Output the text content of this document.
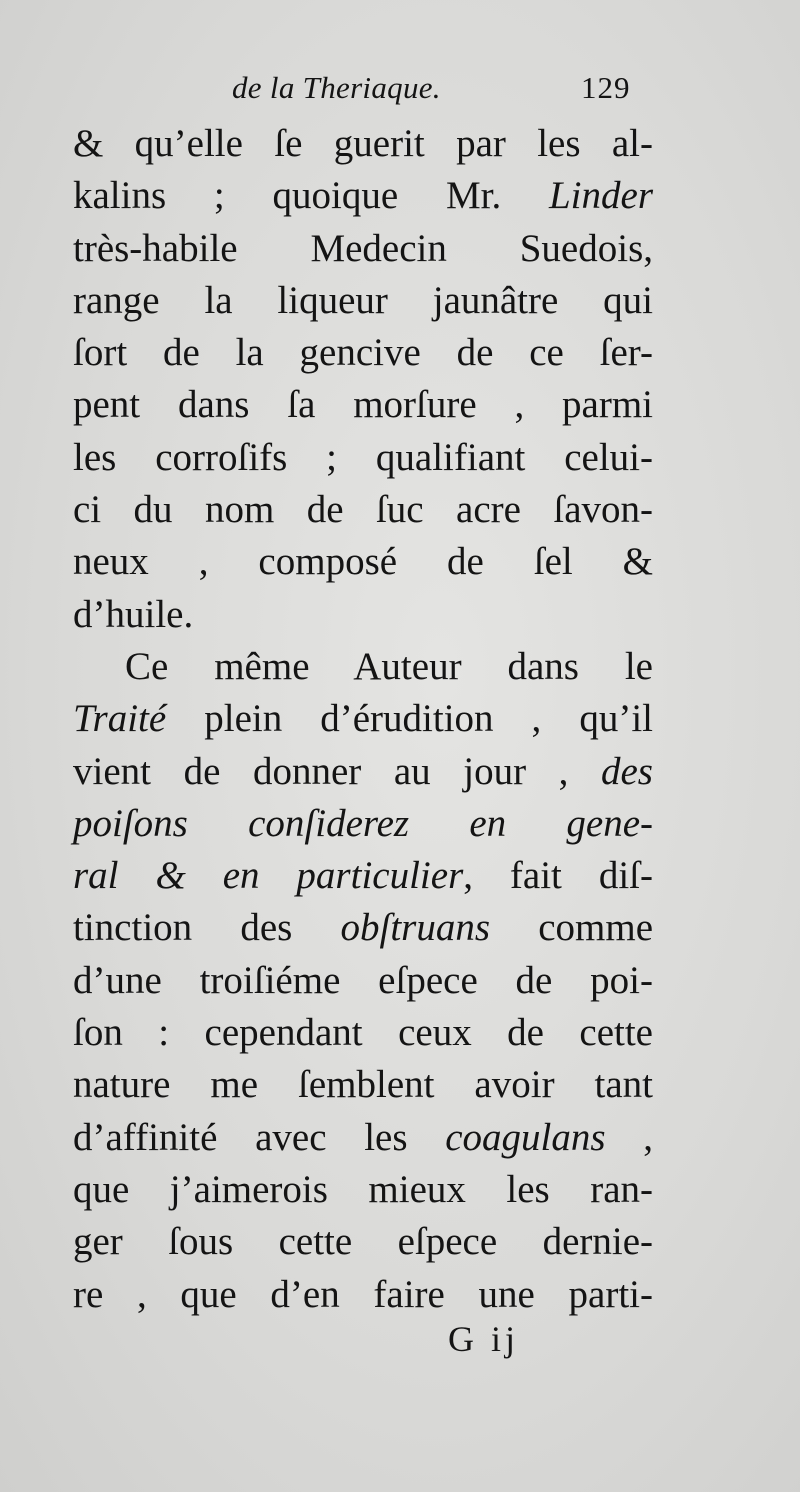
de la Theriaque.	129
& qu’elle ſe guerit par les al-
kalins ; quoique Mr. Linder
très-habile Medecin Suedois,
range la liqueur jaunâtre qui
ſort de la gencive de ce ſer-
pent dans ſa morſure , parmi
les corroſifs ; qualifiant celui-
ci du nom de ſuc acre ſavon-
neux , composé de ſel &
d’huile.
Ce même Auteur dans le
Traité plein d’érudition , qu’il
vient de donner au jour , des
poiſons conſiderez en gene-
ral & en particulier, fait diſ-
tinction des obſtruans comme
d’une troiſiéme eſpece de poi-
ſon : cependant ceux de cette
nature me ſemblent avoir tant
d’affinité avec les coagulans ,
que j’aimerois mieux les ran-
ger ſous cette eſpece dernie-
re , que d’en faire une parti-
G ij
